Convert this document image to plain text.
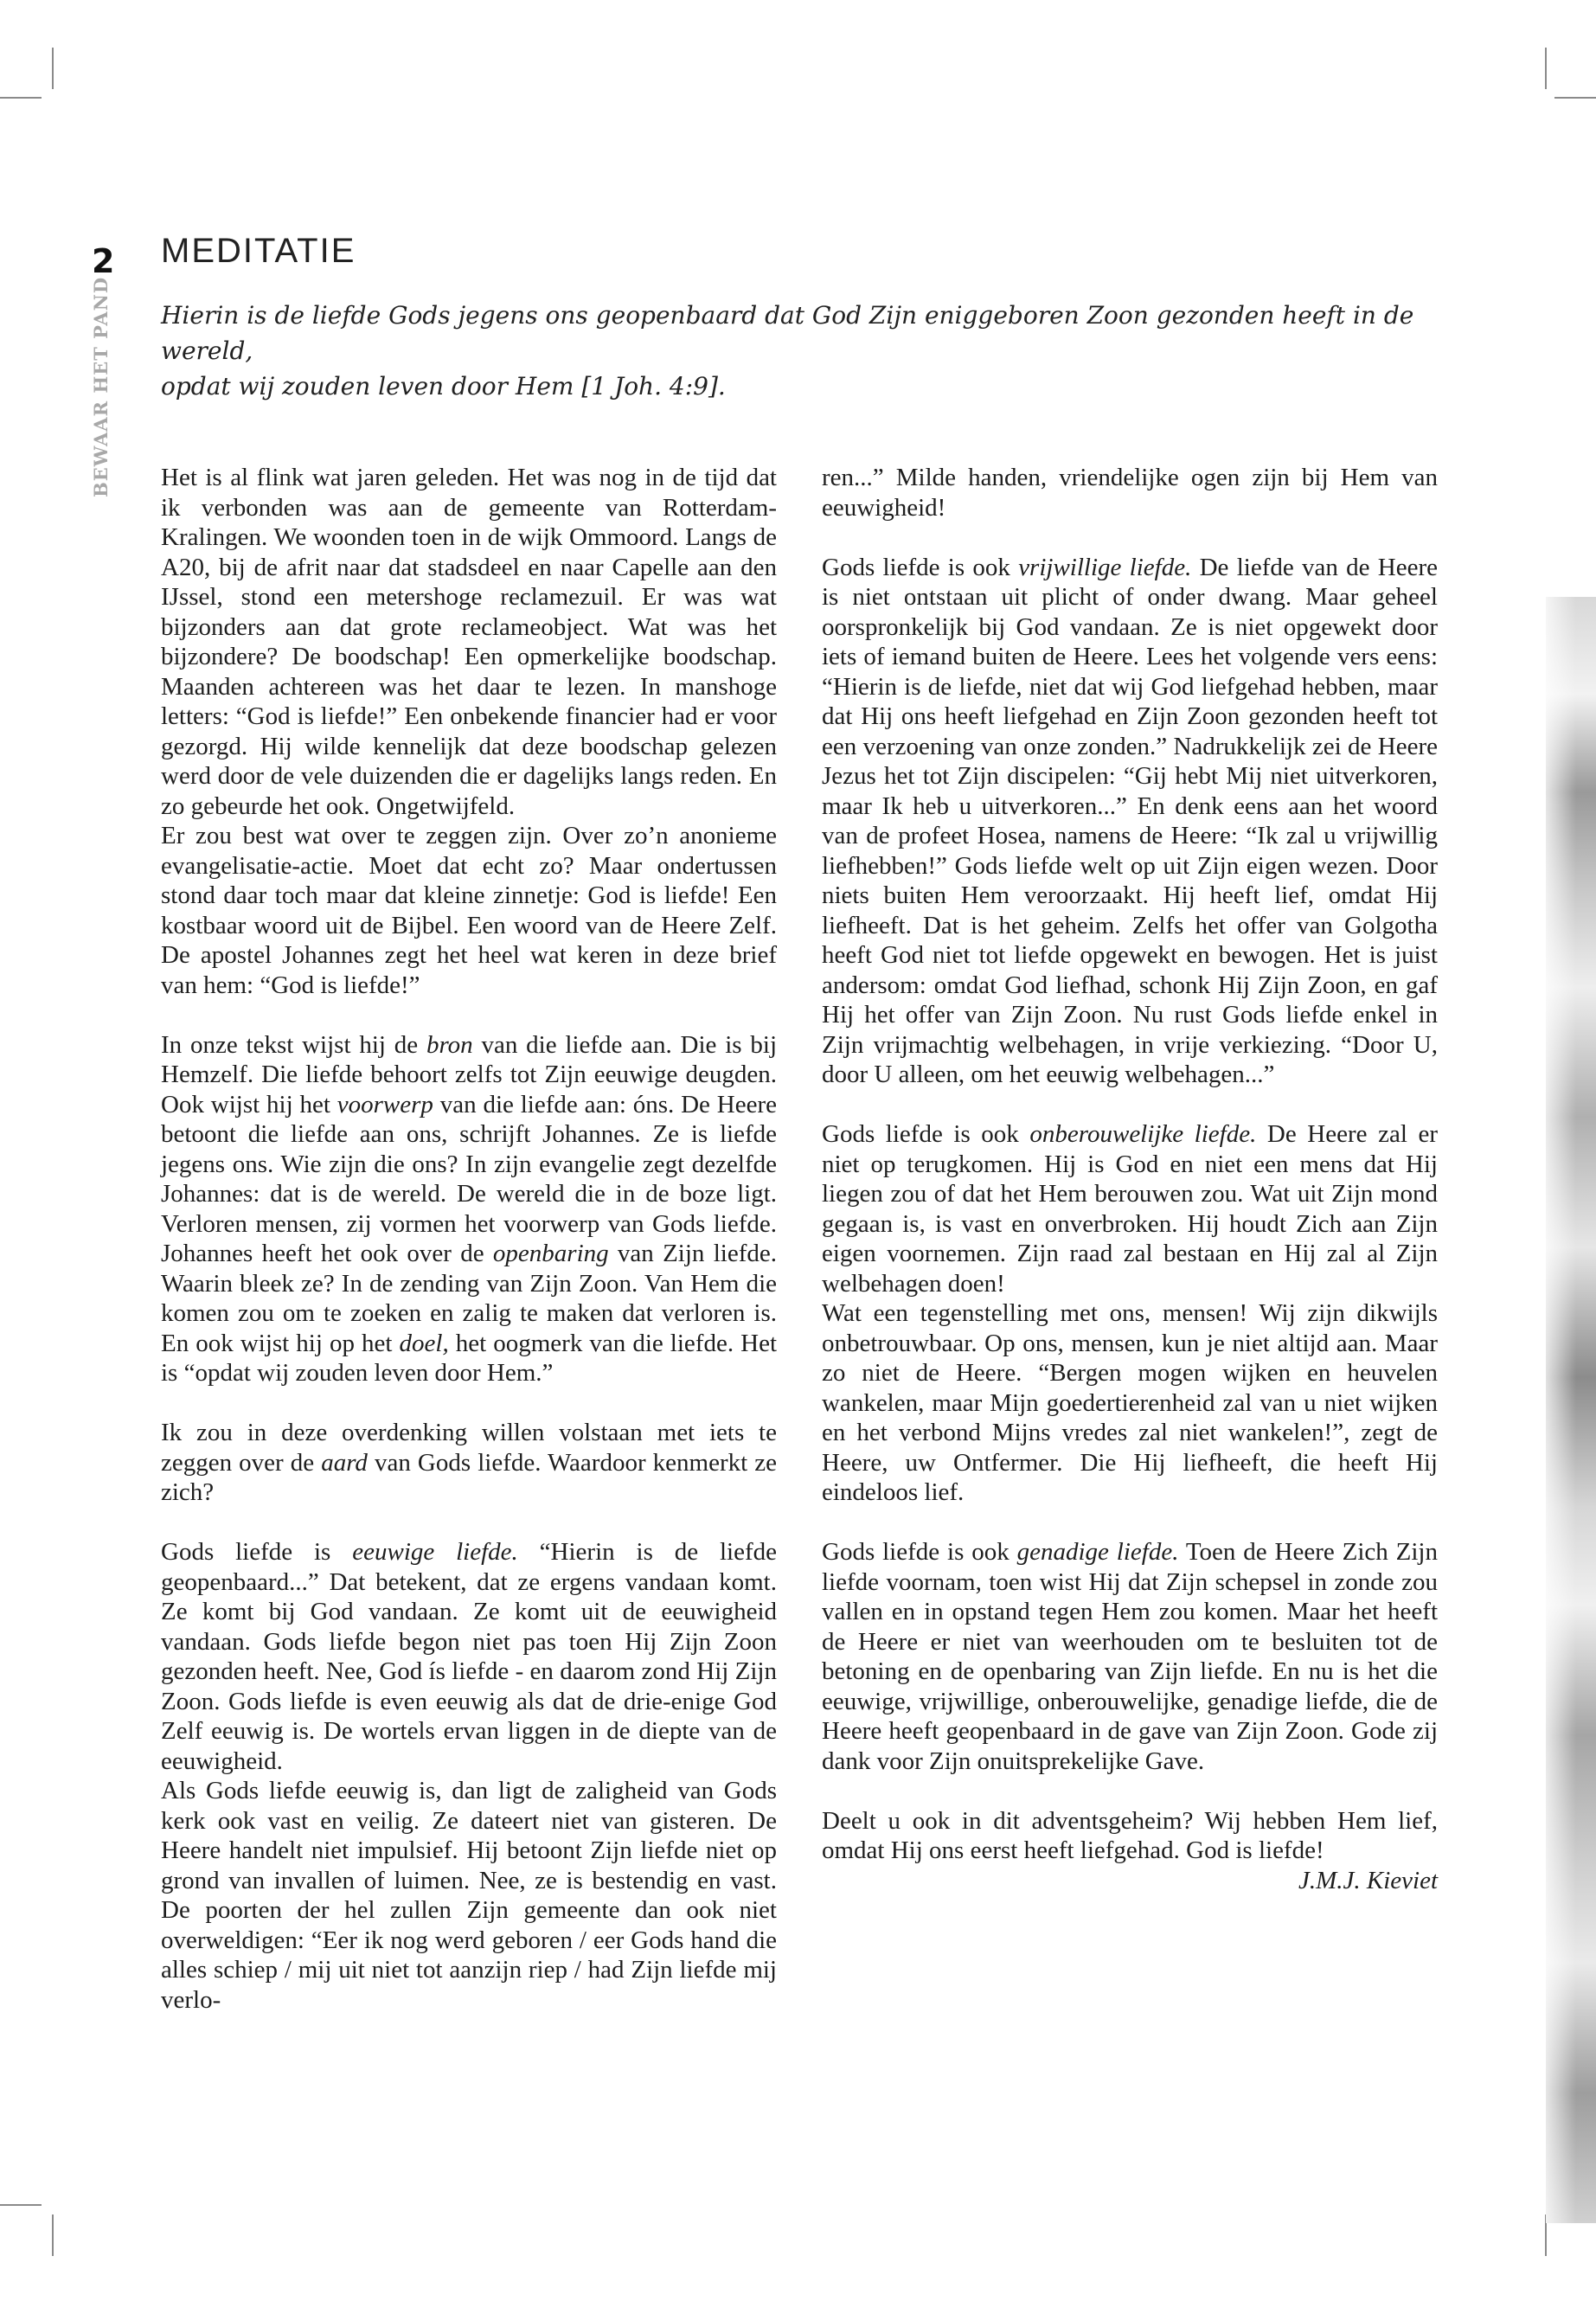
2 MEDITATIE
BEWAAR HET PAND	Hierin is de liefde Gods jegens ons geopenbaard dat God Zijn eniggeboren Zoon gezonden heeft in de wereld,
opdat wij zouden leven door Hem [1 Joh. 4:9].

Het is al flink wat jaren geleden. Het was nog in de tijd dat ik verbonden was aan de gemeente van Rotterdam-Kralingen. We woonden toen in de wijk Ommoord. Langs de A20, bij de afrit naar dat stadsdeel en naar Capelle aan den IJssel, stond een metershoge reclamezuil. Er was wat bijzonders aan dat grote reclameobject. Wat was het bijzondere? De boodschap! Een opmerkelijke boodschap. Maanden achtereen was het daar te lezen. In manshoge letters: “God is liefde!” Een onbekende financier had er voor gezorgd. Hij wilde kennelijk dat deze boodschap gelezen werd door de vele duizenden die er dagelijks langs reden. En zo gebeurde het ook. Ongetwijfeld.

Er zou best wat over te zeggen zijn. Over zo’n anonieme evangelisatie-actie. Moet dat echt zo? Maar ondertussen stond daar toch maar dat kleine zinnetje: God is liefde! Een kostbaar woord uit de Bijbel. Een woord van de Heere Zelf. De apostel Johannes zegt het heel wat keren in deze brief van hem: “God is liefde!”

In onze tekst wijst hij de bron van die liefde aan. Die is bij Hemzelf. Die liefde behoort zelfs tot Zijn eeuwige deugden. Ook wijst hij het voorwerp van die liefde aan: óns. De Heere betoont die liefde aan ons, schrijft Johannes. Ze is liefde jegens ons. Wie zijn die ons? In zijn evangelie zegt dezelfde Johannes: dat is de wereld. De wereld die in de boze ligt. Verloren mensen, zij vormen het voorwerp van Gods liefde. Johannes heeft het ook over de openbaring van Zijn liefde. Waarin bleek ze? In de zending van Zijn Zoon. Van Hem die komen zou om te zoeken en zalig te maken dat verloren is. En ook wijst hij op het doel, het oogmerk van die liefde. Het is “opdat wij zouden leven door Hem.”

Ik zou in deze overdenking willen volstaan met iets te zeggen over de aard van Gods liefde. Waardoor kenmerkt ze zich?

Gods liefde is eeuwige liefde. “Hierin is de liefde geopenbaard...” Dat betekent, dat ze ergens vandaan komt. Ze komt bij God vandaan. Ze komt uit de eeuwigheid vandaan. Gods liefde begon niet pas toen Hij Zijn Zoon gezonden heeft. Nee, God ís liefde - en daarom zond Hij Zijn Zoon. Gods liefde is even eeuwig als dat de drie-enige God Zelf eeuwig is. De wortels ervan liggen in de diepte van de eeuwigheid.

Als Gods liefde eeuwig is, dan ligt de zaligheid van Gods kerk ook vast en veilig. Ze dateert niet van gisteren. De Heere handelt niet impulsief. Hij betoont Zijn liefde niet op grond van invallen of luimen. Nee, ze is bestendig en vast. De poorten der hel zullen Zijn gemeente dan ook niet overweldigen: “Eer ik nog werd geboren / eer Gods hand die alles schiep / mij uit niet tot aanzijn riep / had Zijn liefde mij verlo-

ren...” Milde handen, vriendelijke ogen zijn bij Hem van eeuwigheid!

Gods liefde is ook vrijwillige liefde. De liefde van de Heere is niet ontstaan uit plicht of onder dwang. Maar geheel oorspronkelijk bij God vandaan. Ze is niet opgewekt door iets of iemand buiten de Heere. Lees het volgende vers eens: “Hierin is de liefde, niet dat wij God liefgehad hebben, maar dat Hij ons heeft liefgehad en Zijn Zoon gezonden heeft tot een verzoening van onze zonden.” Nadrukkelijk zei de Heere Jezus het tot Zijn discipelen: “Gij hebt Mij niet uitverkoren, maar Ik heb u uitverkoren...” En denk eens aan het woord van de profeet Hosea, namens de Heere: “Ik zal u vrijwillig liefhebben!” Gods liefde welt op uit Zijn eigen wezen. Door niets buiten Hem veroorzaakt. Hij heeft lief, omdat Hij liefheeft. Dat is het geheim. Zelfs het offer van Golgotha heeft God niet tot liefde opgewekt en bewogen. Het is juist andersom: omdat God liefhad, schonk Hij Zijn Zoon, en gaf Hij het offer van Zijn Zoon. Nu rust Gods liefde enkel in Zijn vrijmachtig welbehagen, in vrije verkiezing. “Door U, door U alleen, om het eeuwig welbehagen...”

Gods liefde is ook onberouwelijke liefde. De Heere zal er niet op terugkomen. Hij is God en niet een mens dat Hij liegen zou of dat het Hem berouwen zou. Wat uit Zijn mond gegaan is, is vast en onverbroken. Hij houdt Zich aan Zijn eigen voornemen. Zijn raad zal bestaan en Hij zal al Zijn welbehagen doen!

Wat een tegenstelling met ons, mensen! Wij zijn dikwijls onbetrouwbaar. Op ons, mensen, kun je niet altijd aan. Maar zo niet de Heere. “Bergen mogen wijken en heuvelen wankelen, maar Mijn goedertierenheid zal van u niet wijken en het verbond Mijns vredes zal niet wankelen!”, zegt de Heere, uw Ontfermer. Die Hij liefheeft, die heeft Hij eindeloos lief.

Gods liefde is ook genadige liefde. Toen de Heere Zich Zijn liefde voornam, toen wist Hij dat Zijn schepsel in zonde zou vallen en in opstand tegen Hem zou komen. Maar het heeft de Heere er niet van weerhouden om te besluiten tot de betoning en de openbaring van Zijn liefde. En nu is het die eeuwige, vrijwillige, onberouwelijke, genadige liefde, die de Heere heeft geopenbaard in de gave van Zijn Zoon. Gode zij dank voor Zijn onuitsprekelijke Gave.

Deelt u ook in dit adventsgeheim? Wij hebben Hem lief, omdat Hij ons eerst heeft liefgehad. God is liefde!

J.M.J. Kieviet
